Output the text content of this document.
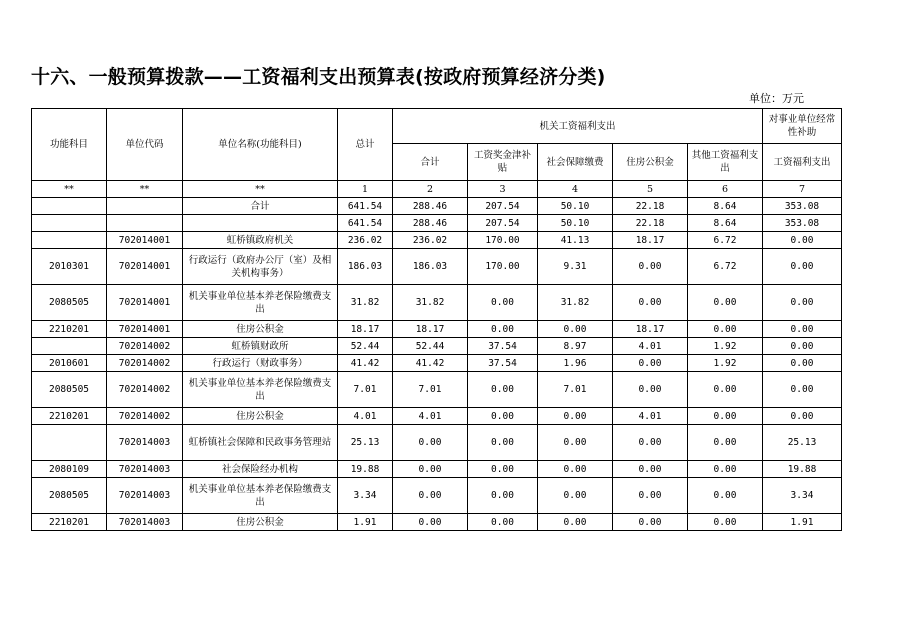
十六、一般预算拨款——工资福利支出预算表(按政府预算经济分类)
单位：万元
功能科目	单位代码	单位名称(功能科目)	总计	机关工资福利支出					对事业单位经常性补助
				合计	工资奖金津补贴	社会保障缴费	住房公积金	其他工资福利支出	工资福利支出
**	**	**	1	2	3	4	5	6	7
		合计	641.54	288.46	207.54	50.10	22.18	8.64	353.08
			641.54	288.46	207.54	50.10	22.18	8.64	353.08
	702014001	虹桥镇政府机关	236.02	236.02	170.00	41.13	18.17	6.72	0.00
2010301	702014001	行政运行（政府办公厅（室）及相关机构事务）	186.03	186.03	170.00	9.31	0.00	6.72	0.00
2080505	702014001	机关事业单位基本养老保险缴费支出	31.82	31.82	0.00	31.82	0.00	0.00	0.00
2210201	702014001	住房公积金	18.17	18.17	0.00	0.00	18.17	0.00	0.00
	702014002	虹桥镇财政所	52.44	52.44	37.54	8.97	4.01	1.92	0.00
2010601	702014002	行政运行（财政事务）	41.42	41.42	37.54	1.96	0.00	1.92	0.00
2080505	702014002	机关事业单位基本养老保险缴费支出	7.01	7.01	0.00	7.01	0.00	0.00	0.00
2210201	702014002	住房公积金	4.01	4.01	0.00	0.00	4.01	0.00	0.00
	702014003	虹桥镇社会保障和民政事务管理站	25.13	0.00	0.00	0.00	0.00	0.00	25.13
2080109	702014003	社会保险经办机构	19.88	0.00	0.00	0.00	0.00	0.00	19.88
2080505	702014003	机关事业单位基本养老保险缴费支出	3.34	0.00	0.00	0.00	0.00	0.00	3.34
2210201	702014003	住房公积金	1.91	0.00	0.00	0.00	0.00	0.00	1.91
